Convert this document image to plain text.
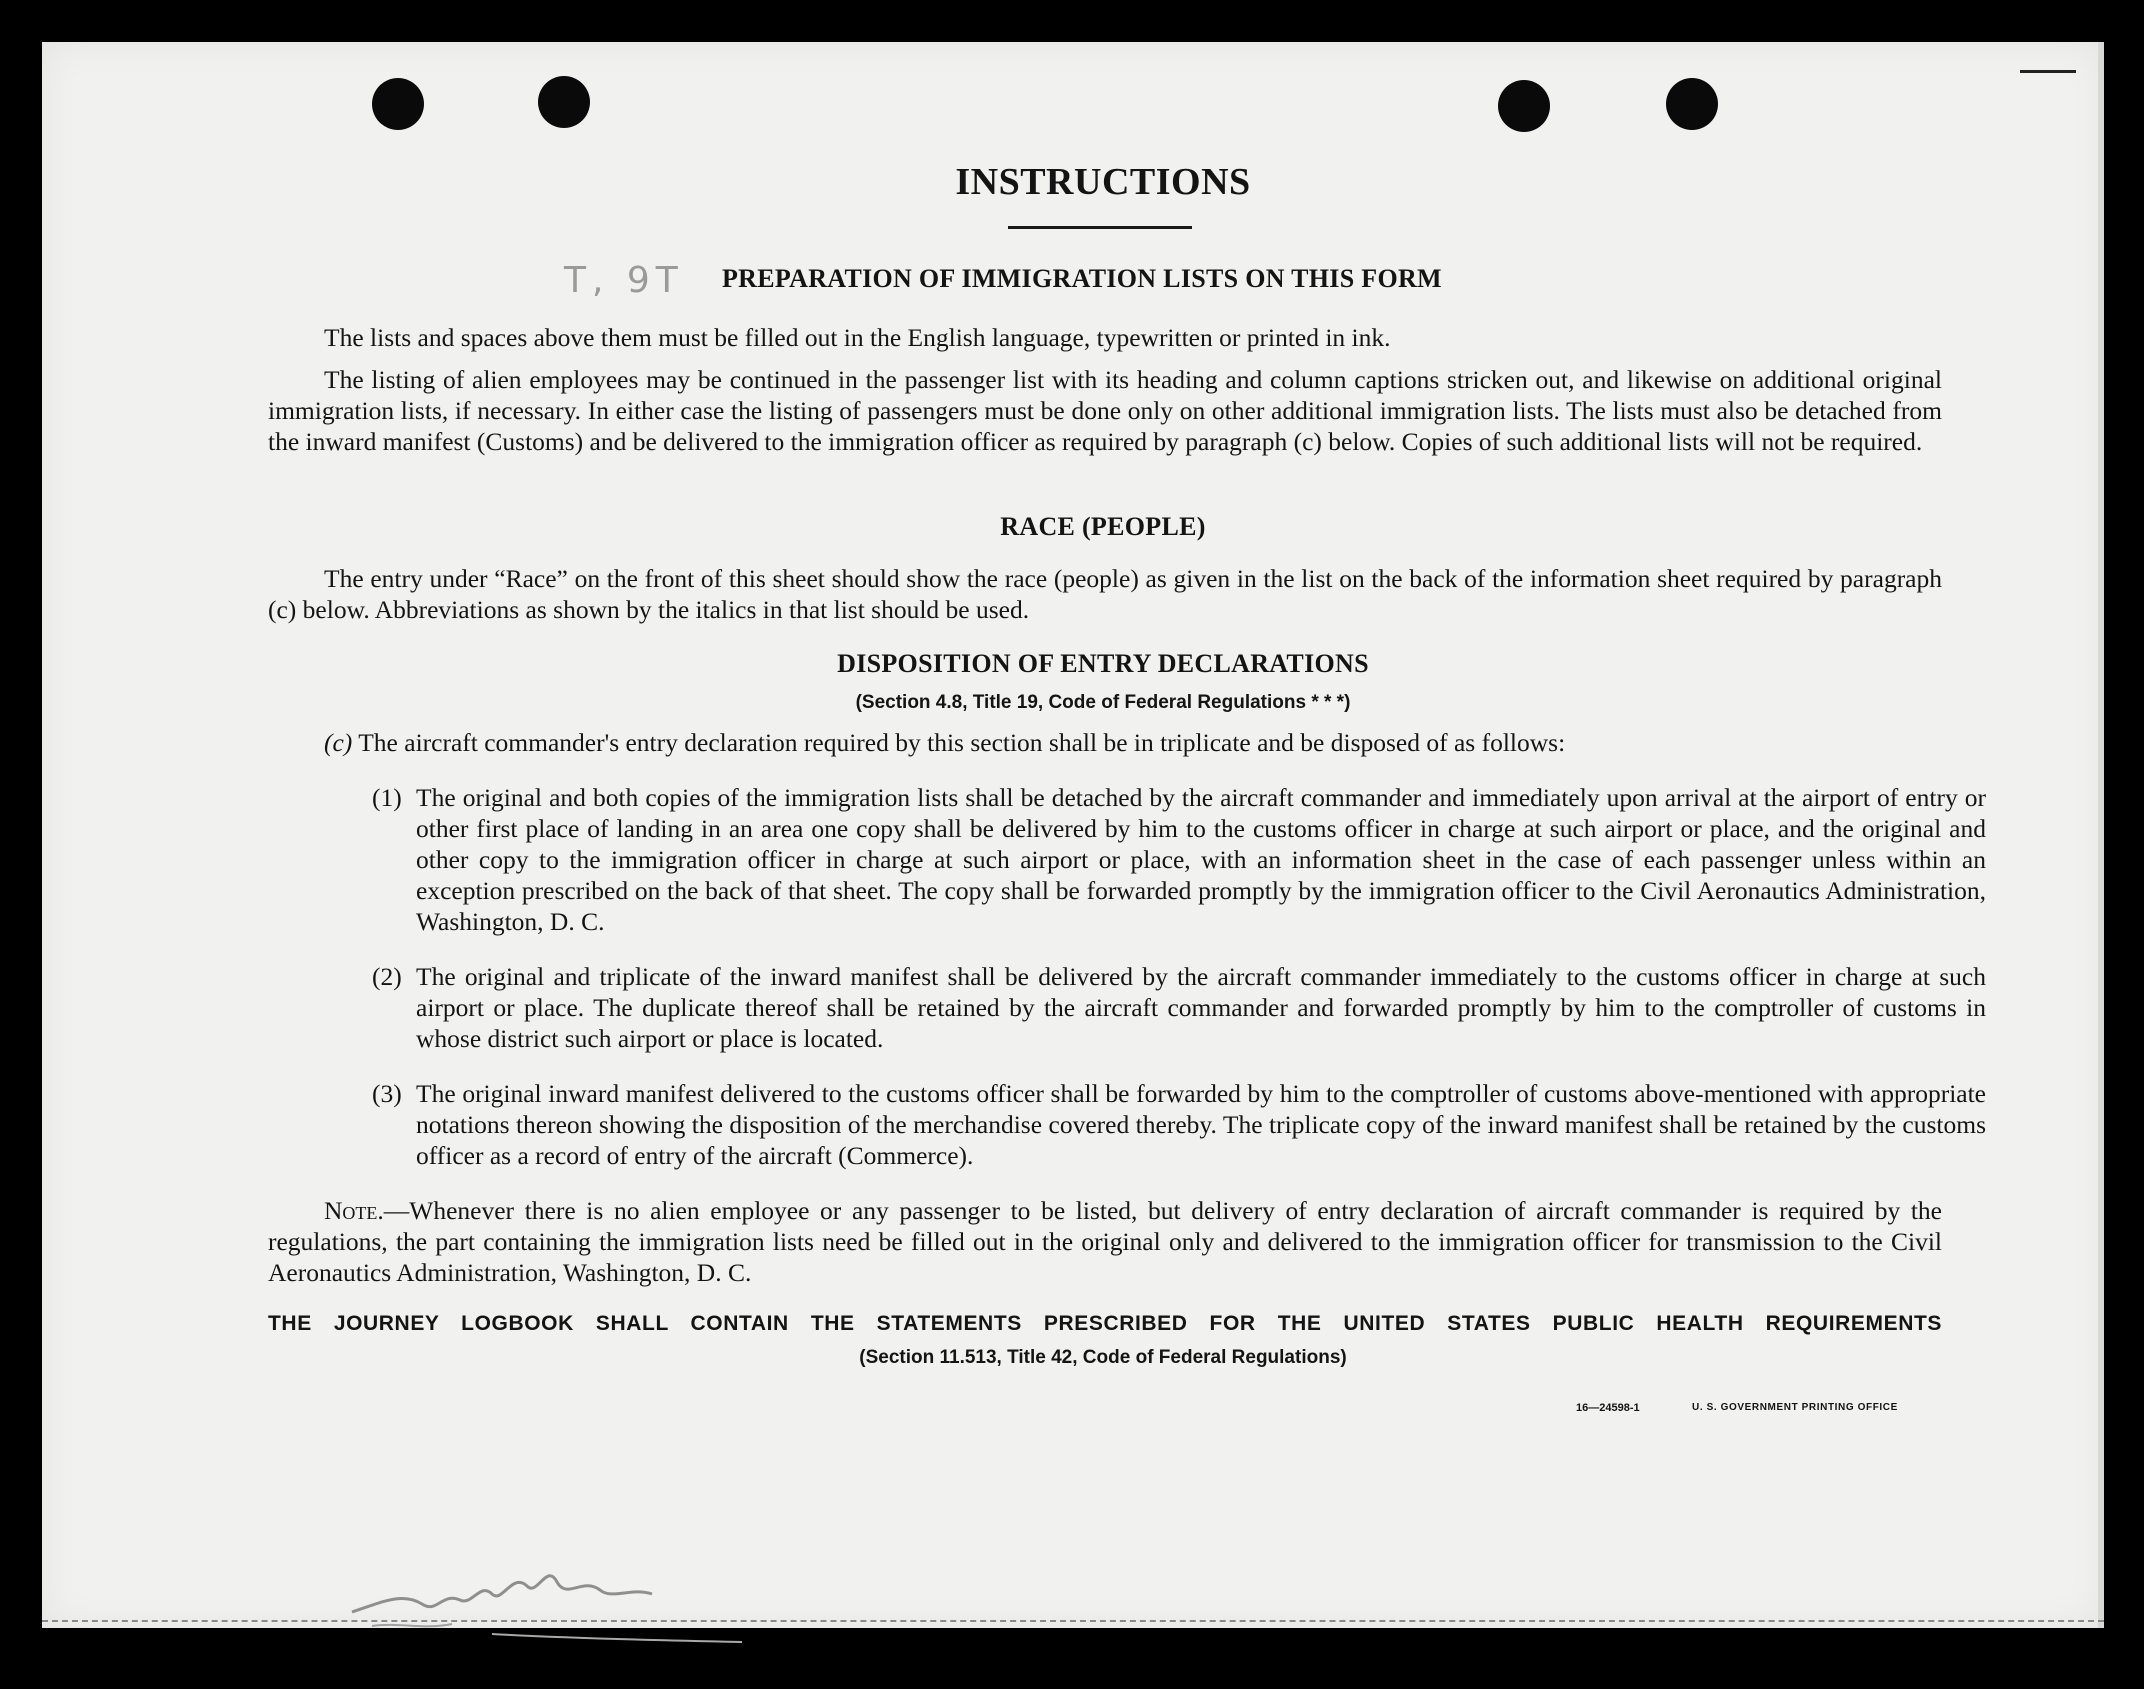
INSTRUCTIONS
T, 9T PREPARATION OF IMMIGRATION LISTS ON THIS FORM
The lists and spaces above them must be filled out in the English language, typewritten or printed in ink.
The listing of alien employees may be continued in the passenger list with its heading and column captions stricken out, and likewise on additional original immigration lists, if necessary. In either case the listing of passengers must be done only on other additional immigration lists. The lists must also be detached from the inward manifest (Customs) and be delivered to the immigration officer as required by paragraph (c) below. Copies of such additional lists will not be required.
RACE (PEOPLE)
The entry under “Race” on the front of this sheet should show the race (people) as given in the list on the back of the information sheet required by paragraph (c) below. Abbreviations as shown by the italics in that list should be used.
DISPOSITION OF ENTRY DECLARATIONS
(Section 4.8, Title 19, Code of Federal Regulations * * *)
(c) The aircraft commander's entry declaration required by this section shall be in triplicate and be disposed of as follows:
(1) The original and both copies of the immigration lists shall be detached by the aircraft commander and immediately upon arrival at the airport of entry or other first place of landing in an area one copy shall be delivered by him to the customs officer in charge at such airport or place, and the original and other copy to the immigration officer in charge at such airport or place, with an information sheet in the case of each passenger unless within an exception prescribed on the back of that sheet. The copy shall be forwarded promptly by the immigration officer to the Civil Aeronautics Administration, Washington, D. C.
(2) The original and triplicate of the inward manifest shall be delivered by the aircraft commander immediately to the customs officer in charge at such airport or place. The duplicate thereof shall be retained by the aircraft commander and forwarded promptly by him to the comptroller of customs in whose district such airport or place is located.
(3) The original inward manifest delivered to the customs officer shall be forwarded by him to the comptroller of customs above-mentioned with appropriate notations thereon showing the disposition of the merchandise covered thereby. The triplicate copy of the inward manifest shall be retained by the customs officer as a record of entry of the aircraft (Commerce).
Note.—Whenever there is no alien employee or any passenger to be listed, but delivery of entry declaration of aircraft commander is required by the regulations, the part containing the immigration lists need be filled out in the original only and delivered to the immigration officer for transmission to the Civil Aeronautics Administration, Washington, D. C.
THE JOURNEY LOGBOOK SHALL CONTAIN THE STATEMENTS PRESCRIBED FOR THE UNITED STATES PUBLIC HEALTH REQUIREMENTS
(Section 11.513, Title 42, Code of Federal Regulations)
16—24598-1	U. S. GOVERNMENT PRINTING OFFICE
